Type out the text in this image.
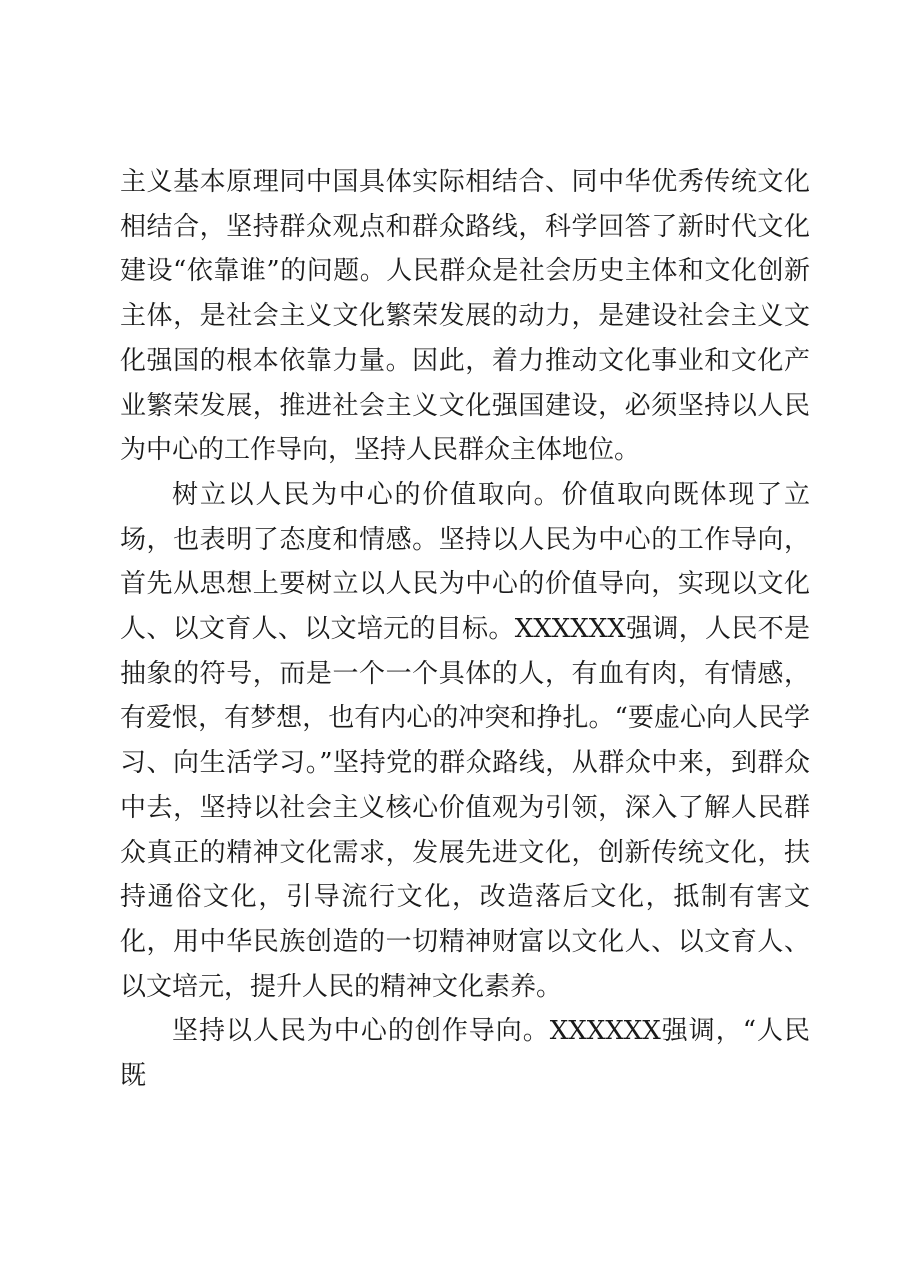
主义基本原理同中国具体实际相结合、同中华优秀传统文化相结合，坚持群众观点和群众路线，科学回答了新时代文化建设“依靠谁”的问题。人民群众是社会历史主体和文化创新主体，是社会主义文化繁荣发展的动力，是建设社会主义文化强国的根本依靠力量。因此，着力推动文化事业和文化产业繁荣发展，推进社会主义文化强国建设，必须坚持以人民为中心的工作导向，坚持人民群众主体地位。

树立以人民为中心的价值取向。价值取向既体现了立场，也表明了态度和情感。坚持以人民为中心的工作导向，首先从思想上要树立以人民为中心的价值导向，实现以文化人、以文育人、以文培元的目标。XXXXXX强调，人民不是抽象的符号，而是一个一个具体的人，有血有肉，有情感，有爱恨，有梦想，也有内心的冲突和挣扎。“要虚心向人民学习、向生活学习。”坚持党的群众路线，从群众中来，到群众中去，坚持以社会主义核心价值观为引领，深入了解人民群众真正的精神文化需求，发展先进文化，创新传统文化，扶持通俗文化，引导流行文化，改造落后文化，抵制有害文化，用中华民族创造的一切精神财富以文化人、以文育人、以文培元，提升人民的精神文化素养。

坚持以人民为中心的创作导向。XXXXXX强调，“人民既
